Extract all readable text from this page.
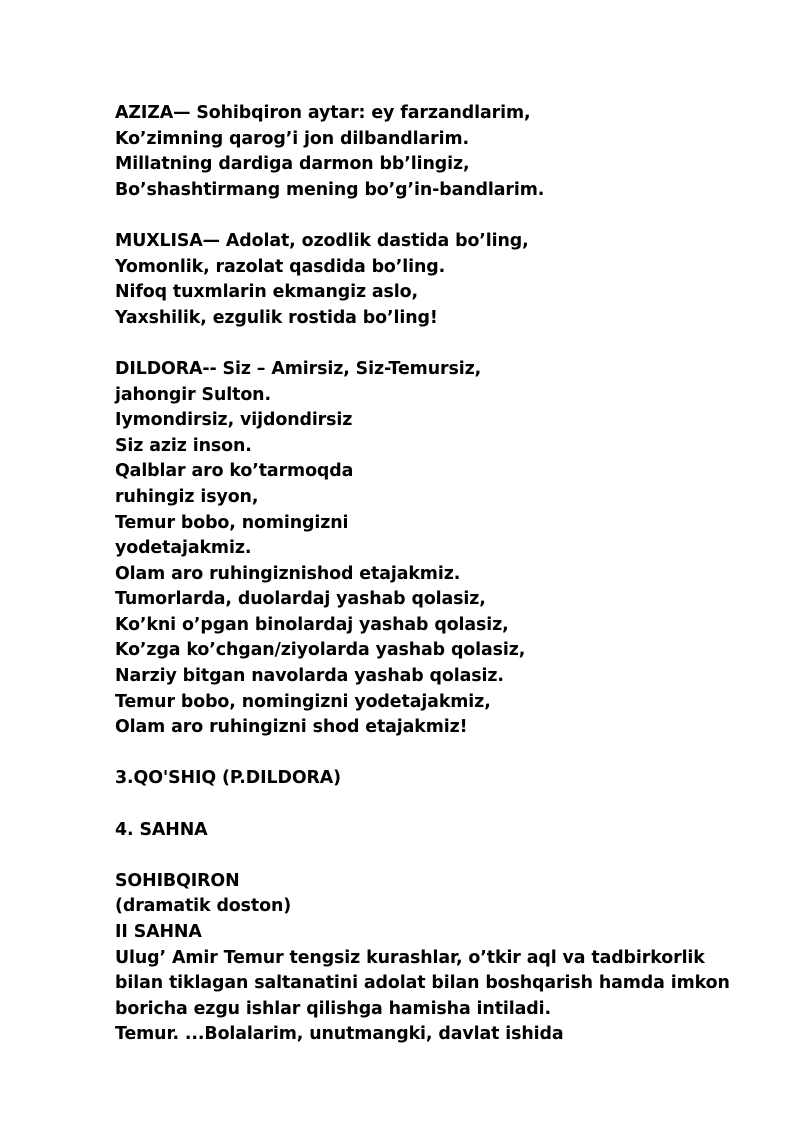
AZIZA— Sohibqiron aytar: ey farzandlarim,
Ko’zimning qarog’i jon dilbandlarim.
Millatning dardiga darmon bb’lingiz,
Bo’shashtirmang mening bo’g’in-bandlarim.
MUXLISA— Adolat, ozodlik dastida bo’ling,
Yomonlik, razolat qasdida bo’ling.
Nifoq tuxmlarin ekmangiz aslo,
Yaxshilik, ezgulik rostida bo’ling!
DILDORA-- Siz – Amirsiz, Siz-Temursiz,
jahongir Sulton.
Iymondirsiz, vijdondirsiz
Siz aziz inson.
Qalblar aro ko’tarmoqda
ruhingiz isyon,
Temur bobo, nomingizni
yodetajakmiz.
Olam aro ruhingiznishod etajakmiz.
Tumorlarda, duolardaj yashab qolasiz,
Ko’kni o’pgan binolardaj yashab qolasiz,
Ko’zga ko’chgan/ziyolarda yashab qolasiz,
Narziy bitgan navolarda yashab qolasiz.
Temur bobo, nomingizni yodetajakmiz,
Olam aro ruhingizni shod etajakmiz!
3.QO'SHIQ (P.DILDORA)
4. SAHNA
SOHIBQIRON
(dramatik doston)
II SAHNA
Ulug’ Amir Temur tengsiz kurashlar, o’tkir aql va tadbirkorlik
bilan tiklagan saltanatini adolat bilan boshqarish hamda imkon
boricha ezgu ishlar qilishga hamisha intiladi.
Temur. ...Bolalarim, unutmangki, davlat ishida
